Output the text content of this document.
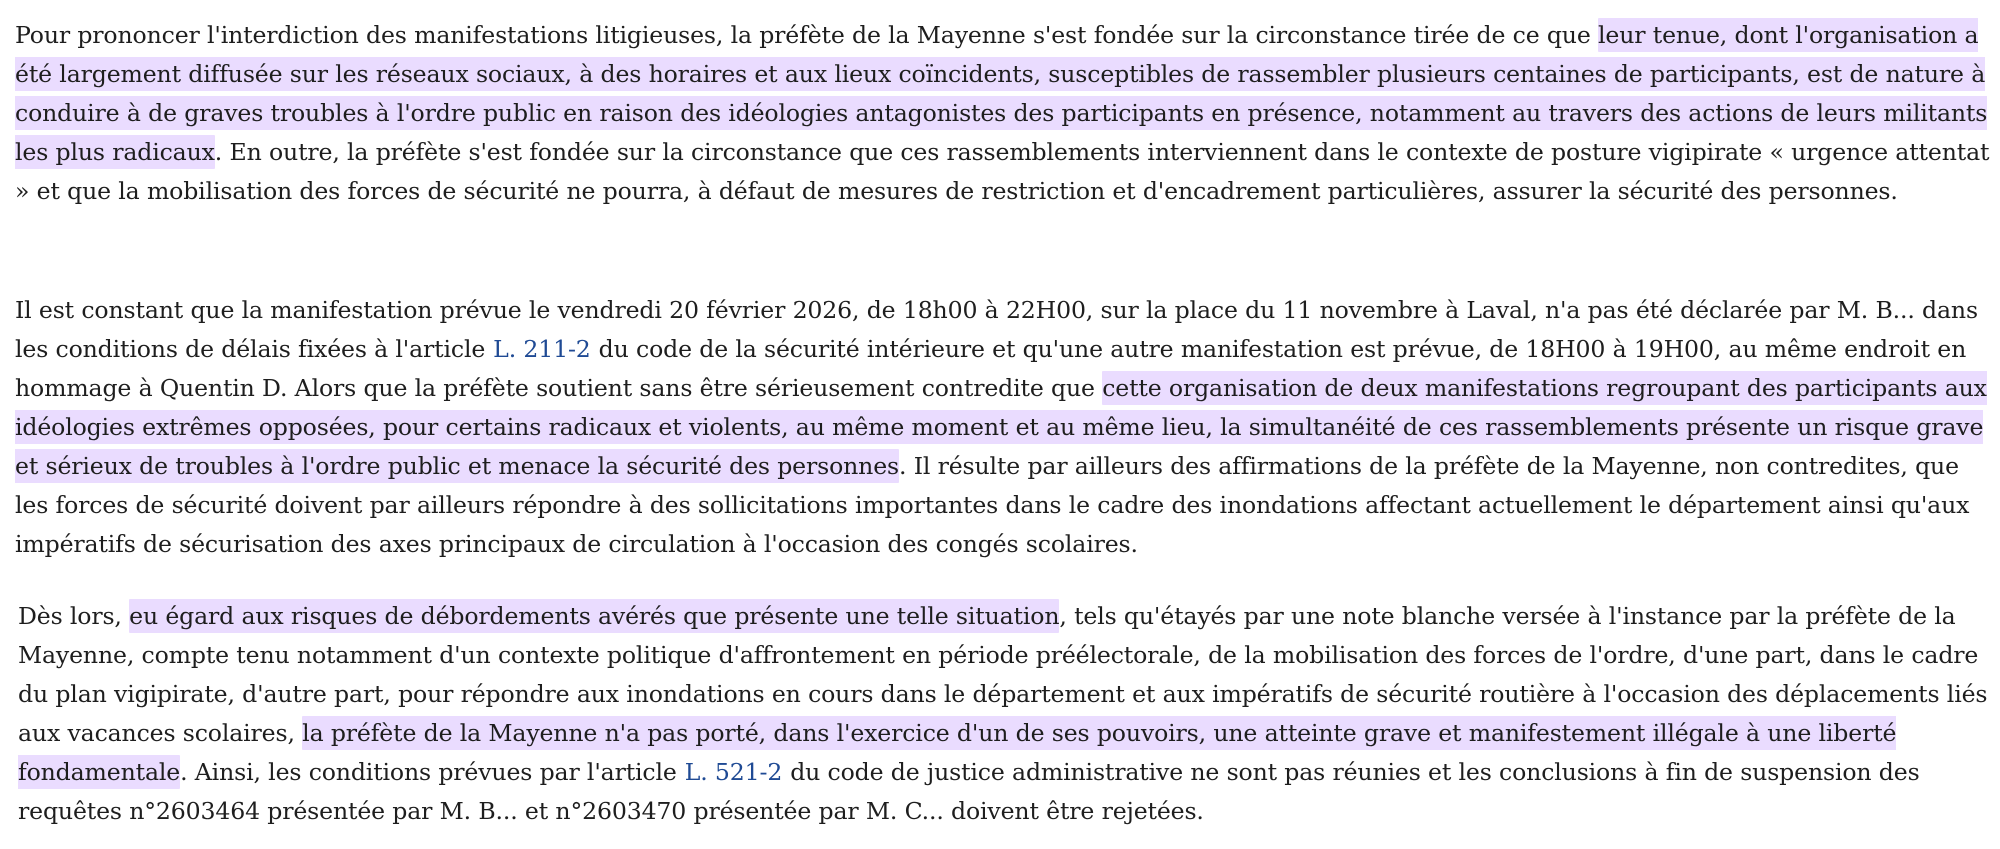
Pour prononcer l'interdiction des manifestations litigieuses, la préfète de la Mayenne s'est fondée sur la circonstance tirée de ce que leur tenue, dont l'organisation a été largement diffusée sur les réseaux sociaux, à des horaires et aux lieux coïncidents, susceptibles de rassembler plusieurs centaines de participants, est de nature à conduire à de graves troubles à l'ordre public en raison des idéologies antagonistes des participants en présence, notamment au travers des actions de leurs militants les plus radicaux. En outre, la préfète s'est fondée sur la circonstance que ces rassemblements interviennent dans le contexte de posture vigipirate « urgence attentat » et que la mobilisation des forces de sécurité ne pourra, à défaut de mesures de restriction et d'encadrement particulières, assurer la sécurité des personnes.

Il est constant que la manifestation prévue le vendredi 20 février 2026, de 18h00 à 22H00, sur la place du 11 novembre à Laval, n'a pas été déclarée par M. B... dans les conditions de délais fixées à l'article L. 211-2 du code de la sécurité intérieure et qu'une autre manifestation est prévue, de 18H00 à 19H00, au même endroit en hommage à Quentin D. Alors que la préfète soutient sans être sérieusement contredite que cette organisation de deux manifestations regroupant des participants aux idéologies extrêmes opposées, pour certains radicaux et violents, au même moment et au même lieu, la simultanéité de ces rassemblements présente un risque grave et sérieux de troubles à l'ordre public et menace la sécurité des personnes. Il résulte par ailleurs des affirmations de la préfète de la Mayenne, non contredites, que les forces de sécurité doivent par ailleurs répondre à des sollicitations importantes dans le cadre des inondations affectant actuellement le département ainsi qu'aux impératifs de sécurisation des axes principaux de circulation à l'occasion des congés scolaires.

Dès lors, eu égard aux risques de débordements avérés que présente une telle situation, tels qu'étayés par une note blanche versée à l'instance par la préfète de la Mayenne, compte tenu notamment d'un contexte politique d'affrontement en période préélectorale, de la mobilisation des forces de l'ordre, d'une part, dans le cadre du plan vigipirate, d'autre part, pour répondre aux inondations en cours dans le département et aux impératifs de sécurité routière à l'occasion des déplacements liés aux vacances scolaires, la préfète de la Mayenne n'a pas porté, dans l'exercice d'un de ses pouvoirs, une atteinte grave et manifestement illégale à une liberté fondamentale. Ainsi, les conditions prévues par l'article L. 521-2 du code de justice administrative ne sont pas réunies et les conclusions à fin de suspension des requêtes n°2603464 présentée par M. B... et n°2603470 présentée par M. C... doivent être rejetées.
